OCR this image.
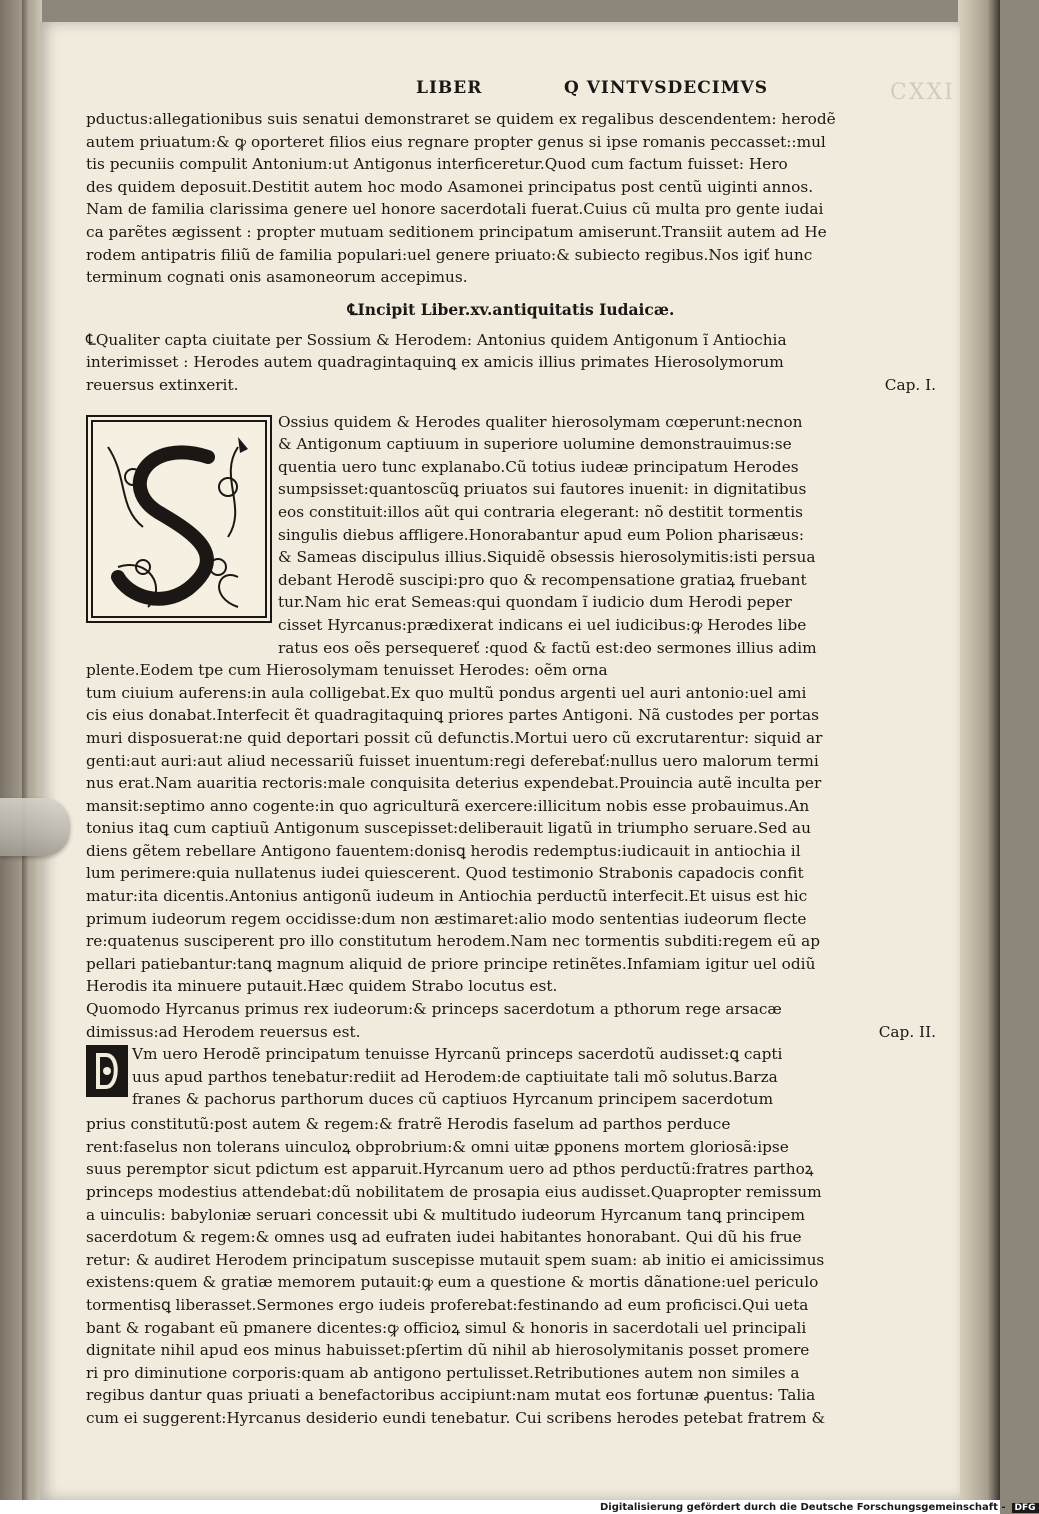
CXXI
LIBER	Q VINTVSDECIMVS
pductus:allegationibus suis senatui demonstraret se quidem ex regalibus descendentem: herodẽ
autem priuatum:& ꝙ oporteret filios eius regnare propter genus si ipse romanis peccasset::mul
tis pecuniis compulit Antonium:ut Antigonus interficeretur.Quod cum factum fuisset: Hero
des quidem deposuit.Destitit autem hoc modo Asamonei principatus post centũ uiginti annos.
Nam de familia clarissima genere uel honore sacerdotali fuerat.Cuius cũ multa pro gente iudai
ca parẽtes ægissent : propter mutuam seditionem principatum amiserunt.Transiit autem ad He
rodem antipatris filiũ de familia populari:uel genere priuato:& subiecto regibus.Nos igiť hunc
terminum cognati onis asamoneorum accepimus.
℄Incipit Liber.xv.antiquitatis Iudaicæ.
℄Qualiter capta ciuitate per Sossium & Herodem: Antonius quidem Antigonum ĩ Antiochia
interimisset : Herodes autem quadragintaquinꝗ ex amicis illius primates Hierosolymorum
reuersus extinxerit.	Cap. I.
Ossius quidem & Herodes qualiter hierosolymam cœperunt:necnon
& Antigonum captiuum in superiore uolumine demonstrauimus:se
quentia uero tunc explanabo.Cũ totius iudeæ principatum Herodes
sumpsisset:quantoscũꝗ priuatos sui fautores inuenit: in dignitatibus
eos constituit:illos aũt qui contraria elegerant: nõ destitit tormentis
singulis diebus affligere.Honorabantur apud eum Polion pharisæus:
& Sameas discipulus illius.Siquidẽ obsessis hierosolymitis:isti persua
debant Herodẽ suscipi:pro quo & recompensatione gratiaꝝ fruebant
tur.Nam hic erat Semeas:qui quondam ĩ iudicio dum Herodi peper
cisset Hyrcanus:prædixerat indicans ei uel iudicibus:ꝙ Herodes libe
ratus eos oẽs persequereť :quod & factũ est:deo sermones illius adim
plente.Eodem tpe cum Hierosolymam tenuisset Herodes: oẽm orna
tum ciuium auferens:in aula colligebat.Ex quo multũ pondus argenti uel auri antonio:uel ami
cis eius donabat.Interfecit ẽt quadragitaquinꝗ priores partes Antigoni. Nã custodes per portas
muri disposuerat:ne quid deportari possit cũ defunctis.Mortui uero cũ excrutarentur: siquid ar
genti:aut auri:aut aliud necessariũ fuisset inuentum:regi deferebať:nullus uero malorum termi
nus erat.Nam auaritia rectoris:male conquisita deterius expendebat.Prouincia autẽ inculta per
mansit:septimo anno cogente:in quo agriculturã exercere:illicitum nobis esse probauimus.An
tonius itaꝗ cum captiuũ Antigonum suscepisset:deliberauit ligatũ in triumpho seruare.Sed au
diens gẽtem rebellare Antigono fauentem:donisꝗ herodis redemptus:iudicauit in antiochia il
lum perimere:quia nullatenus iudei quiescerent. Quod testimonio Strabonis capadocis confit
matur:ita dicentis.Antonius antigonũ iudeum in Antiochia perductũ interfecit.Et uisus est hic
primum iudeorum regem occidisse:dum non æstimaret:alio modo sententias iudeorum flecte
re:quatenus susciperent pro illo constitutum herodem.Nam nec tormentis subditi:regem eũ ap
pellari patiebantur:tanꝗ magnum aliquid de priore principe retinẽtes.Infamiam igitur uel odiũ
Herodis ita minuere putauit.Hæc quidem Strabo locutus est.
Quomodo Hyrcanus primus rex iudeorum:& princeps sacerdotum a pthorum rege arsacæ
dimissus:ad Herodem reuersus est.	Cap. II.
Vm uero Herodẽ principatum tenuisse Hyrcanũ princeps sacerdotũ audisset:ꝗ capti
uus apud parthos tenebatur:rediit ad Herodem:de captiuitate tali mõ solutus.Barza
franes & pachorus parthorum duces cũ captiuos Hyrcanum principem sacerdotum
prius constitutũ:post autem & regem:& fratrẽ Herodis faselum ad parthos perduce
rent:faselus non tolerans uinculoꝝ obprobrium:& omni uitæ ꝑponens mortem gloriosã:ipse
suus peremptor sicut pdictum est apparuit.Hyrcanum uero ad pthos perductũ:fratres parthoꝝ
princeps modestius attendebat:dũ nobilitatem de prosapia eius audisset.Quapropter remissum
a uinculis: babyloniæ seruari concessit ubi & multitudo iudeorum Hyrcanum tanꝗ principem
sacerdotum & regem:& omnes usꝗ ad eufraten iudei habitantes honorabant. Qui dũ his frue
retur: & audiret Herodem principatum suscepisse mutauit spem suam: ab initio ei amicissimus
existens:quem & gratiæ memorem putauit:ꝙ eum a questione & mortis dãnatione:uel periculo
tormentisꝗ liberasset.Sermones ergo iudeis proferebat:festinando ad eum proficisci.Qui ueta
bant & rogabant eũ pmanere dicentes:ꝙ officioꝝ simul & honoris in sacerdotali uel principali
dignitate nihil apud eos minus habuisset:pſertim dũ nihil ab hierosolymitanis posset promere
ri pro diminutione corporis:quam ab antigono pertulisset.Retributiones autem non similes a
regibus dantur quas priuati a benefactoribus accipiunt:nam mutat eos fortunæ ꝓuentus: Talia
cum ei suggerent:Hyrcanus desiderio eundi tenebatur. Cui scribens herodes petebat fratrem &
Digitalisierung gefördert durch die Deutsche Forschungsgemeinschaft - DFG
